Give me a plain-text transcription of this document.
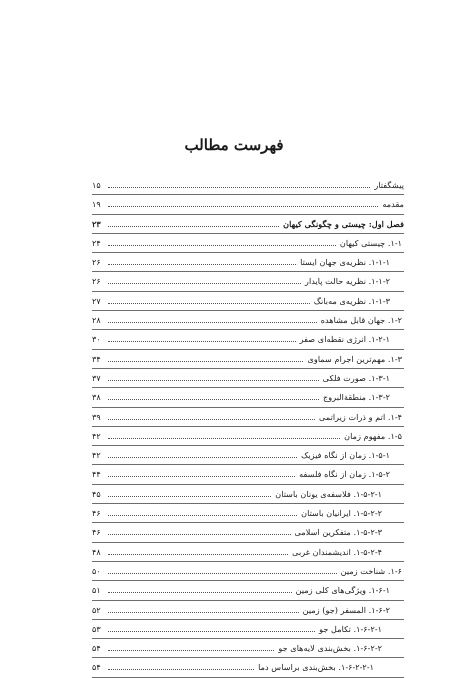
فهرست مطالب
پیشگفتار
۱۵
مقدمه
۱۹
فصل اول: چیستی و چگونگی کیهان
۲۳
۱-۱. چیستی کیهان
۲۴
۱-۱-۱. نظریه‌ی جهان ایستا
۲۶
۱-۱-۲. نظریه حالت پایدار
۲۶
۱-۱-۳. نظریه‌ی مه‌بانگ
۲۷
۱-۲. جهان قابل مشاهده
۲۸
۱-۲-۱. انرژی نقطه‌ای صفر
۳۰
۱-۳. مهم‌ترین اجرام سماوی
۳۴
۱-۳-۱. صورت فلکی
۳۷
۱-۳-۲. منطقة‌البروج
۳۸
۱-۴. اتم و ذرات زیراتمی
۳۹
۱-۵. مفهوم زمان
۴۲
۱-۵-۱. زمان از نگاه فیزیک
۴۲
۱-۵-۲. زمان از نگاه فلسفه
۴۴
۱-۵-۲-۱. فلاسفه‌ی یونان باستان
۴۵
۱-۵-۲-۲. ایرانیان باستان
۴۶
۱-۵-۲-۳. متفکرین اسلامی
۴۶
۱-۵-۲-۴. اندیشمندان غربی
۴۸
۱-۶. شناخت زمین
۵۰
۱-۶-۱. ویژگی‌های کلی زمین
۵۱
۱-۶-۲. المسفر (جو) زمین
۵۲
۱-۶-۲-۱. تکامل جو
۵۳
۱-۶-۲-۲. بخش‌بندی لایه‌های جو
۵۴
۱-۶-۲-۲-۱. بخش‌بندی براساس دما
۵۴
